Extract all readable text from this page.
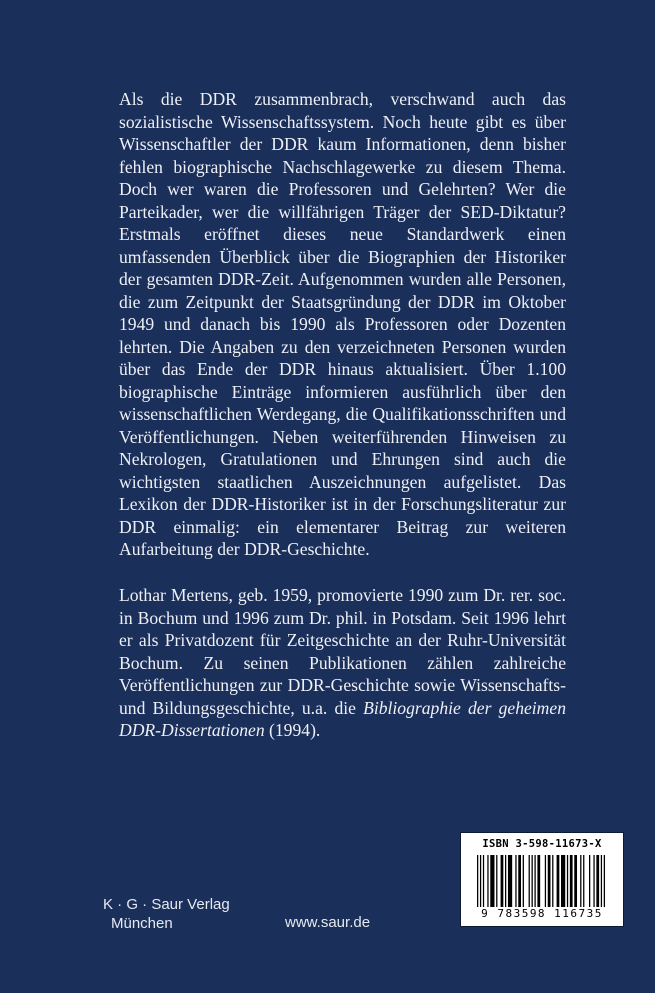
Als die DDR zusammenbrach, verschwand auch das sozialistische Wissenschaftssystem. Noch heute gibt es über Wissenschaftler der DDR kaum Informationen, denn bisher fehlen biographische Nachschlagewerke zu diesem Thema. Doch wer waren die Professoren und Gelehrten? Wer die Parteikader, wer die willfährigen Träger der SED-Diktatur? Erstmals eröffnet dieses neue Standardwerk einen umfassenden Überblick über die Biographien der Historiker der gesamten DDR-Zeit. Aufgenommen wurden alle Personen, die zum Zeitpunkt der Staatsgründung der DDR im Oktober 1949 und danach bis 1990 als Professoren oder Dozenten lehrten. Die Angaben zu den verzeichneten Personen wurden über das Ende der DDR hinaus aktualisiert. Über 1.100 biographische Einträge informieren ausführlich über den wissenschaftlichen Werdegang, die Qualifikationsschriften und Veröffentlichungen. Neben weiterführenden Hinweisen zu Nekrologen, Gratulationen und Ehrungen sind auch die wichtigsten staatlichen Auszeichnungen aufgelistet. Das Lexikon der DDR-Historiker ist in der Forschungsliteratur zur DDR einmalig: ein elementarer Beitrag zur weiteren Aufarbeitung der DDR-Geschichte.

Lothar Mertens, geb. 1959, promovierte 1990 zum Dr. rer. soc. in Bochum und 1996 zum Dr. phil. in Potsdam. Seit 1996 lehrt er als Privatdozent für Zeitgeschichte an der Ruhr-Universität Bochum. Zu seinen Publikationen zählen zahlreiche Veröffentlichungen zur DDR-Geschichte sowie Wissenschafts- und Bildungsgeschichte, u.a. die Bibliographie der geheimen DDR-Dissertationen (1994).

ISBN 3-598-11673-X
9 783598 116735
K · G · Saur Verlag
München	www.saur.de
